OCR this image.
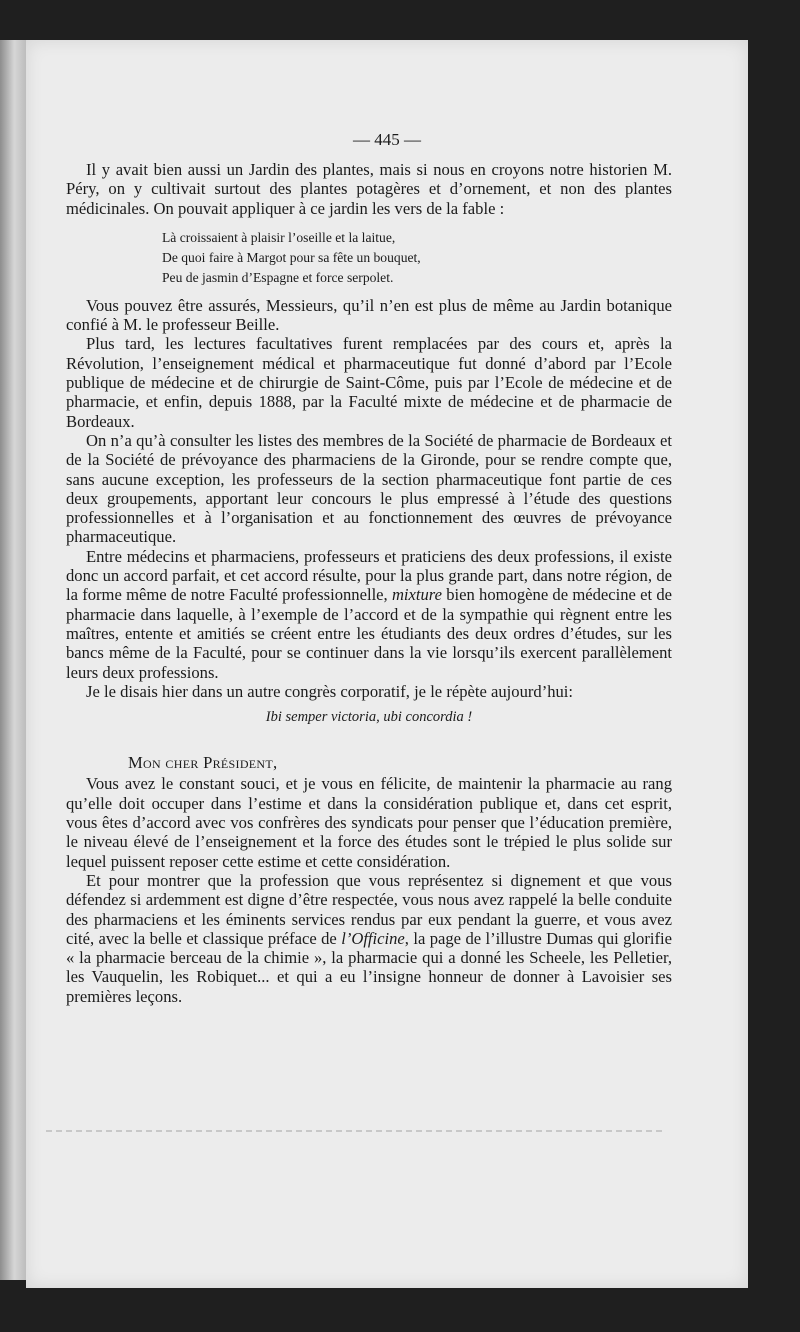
— 445 —

Il y avait bien aussi un Jardin des plantes, mais si nous en croyons notre historien M. Péry, on y cultivait surtout des plantes potagères et d’ornement, et non des plantes médicinales. On pouvait appliquer à ce jardin les vers de la fable :

Là croissaient à plaisir l’oseille et la laitue,
De quoi faire à Margot pour sa fête un bouquet,
Peu de jasmin d’Espagne et force serpolet.

Vous pouvez être assurés, Messieurs, qu’il n’en est plus de même au Jardin botanique confié à M. le professeur Beille.

Plus tard, les lectures facultatives furent remplacées par des cours et, après la Révolution, l’enseignement médical et pharmaceutique fut donné d’abord par l’Ecole publique de médecine et de chirurgie de Saint-Côme, puis par l’Ecole de médecine et de pharmacie, et enfin, depuis 1888, par la Faculté mixte de médecine et de pharmacie de Bordeaux.

On n’a qu’à consulter les listes des membres de la Société de pharmacie de Bordeaux et de la Société de prévoyance des pharmaciens de la Gironde, pour se rendre compte que, sans aucune exception, les professeurs de la section pharmaceutique font partie de ces deux groupements, apportant leur concours le plus empressé à l’étude des questions professionnelles et à l’organisation et au fonctionnement des œuvres de prévoyance pharmaceutique.

Entre médecins et pharmaciens, professeurs et praticiens des deux professions, il existe donc un accord parfait, et cet accord résulte, pour la plus grande part, dans notre région, de la forme même de notre Faculté professionnelle, mixture bien homogène de médecine et de pharmacie dans laquelle, à l’exemple de l’accord et de la sympathie qui règnent entre les maîtres, entente et amitiés se créent entre les étudiants des deux ordres d’études, sur les bancs même de la Faculté, pour se continuer dans la vie lorsqu’ils exercent parallèlement leurs deux professions.

Je le disais hier dans un autre congrès corporatif, je le répète aujourd’hui:

Ibi semper victoria, ubi concordia !

Mon cher Président,

Vous avez le constant souci, et je vous en félicite, de maintenir la pharmacie au rang qu’elle doit occuper dans l’estime et dans la considération publique et, dans cet esprit, vous êtes d’accord avec vos confrères des syndicats pour penser que l’éducation première, le niveau élevé de l’enseignement et la force des études sont le trépied le plus solide sur lequel puissent reposer cette estime et cette considération.

Et pour montrer que la profession que vous représentez si dignement et que vous défendez si ardemment est digne d’être respectée, vous nous avez rappelé la belle conduite des pharmaciens et les éminents services rendus par eux pendant la guerre, et vous avez cité, avec la belle et classique préface de l’Officine, la page de l’illustre Dumas qui glorifie « la pharmacie berceau de la chimie », la pharmacie qui a donné les Scheele, les Pelletier, les Vauquelin, les Robiquet... et qui a eu l’insigne honneur de donner à Lavoisier ses premières leçons.
